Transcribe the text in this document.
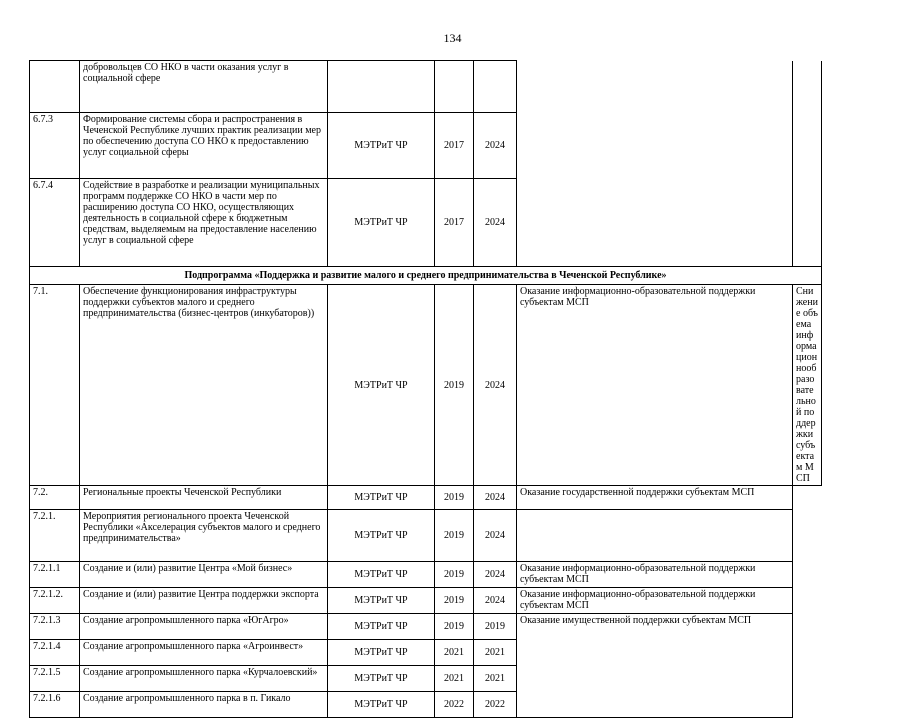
134
	добровольцев СО НКО в части оказания услуг в социальной сфере					
6.7.3	Формирование системы сбора и распространения в Чеченской Республике лучших практик реализации мер по обеспечению доступа СО НКО к предоставлению услуг социальной сферы	МЭТРиТ ЧР	2017	2024		
6.7.4	Содействие в разработке и реализации муниципальных программ поддержке СО НКО в части мер по расширению доступа СО НКО, осуществляющих деятельность в социальной сфере к бюджетным средствам, выделяемым на предоставление населению услуг в социальной сфере	МЭТРиТ ЧР	2017	2024		
Подпрограмма «Поддержка и развитие малого и среднего предпринимательства в Чеченской Республике»						
7.1.	Обеспечение функционирования инфраструктуры поддержки субъектов малого и среднего предпринимательства (бизнес-центров (инкубаторов))	МЭТРиТ ЧР	2019	2024	Оказание информационно-образовательной поддержки субъектам МСП	Снижение объема информационнообразовательной поддержки субъектам МСП
7.2.	Региональные проекты Чеченской Республики	МЭТРиТ ЧР	2019	2024	Оказание государственной поддержки субъектам МСП	
7.2.1.	Мероприятия регионального проекта Чеченской Республики «Акселерация субъектов малого и среднего предпринимательства»	МЭТРиТ ЧР	2019	2024		
7.2.1.1	Создание и (или) развитие Центра «Мой бизнес»	МЭТРиТ ЧР	2019	2024	Оказание информационно-образовательной поддержки субъектам МСП	
7.2.1.2.	Создание и (или) развитие Центра поддержки экспорта	МЭТРиТ ЧР	2019	2024	Оказание информационно-образовательной поддержки субъектам МСП	
7.2.1.3	Создание агропромышленного парка «ЮгАгро»	МЭТРиТ ЧР	2019	2019	Оказание имущественной поддержки субъектам МСП	
7.2.1.4	Создание агропромышленного парка «Агроинвест»	МЭТРиТ ЧР	2021	2021		
7.2.1.5	Создание агропромышленного парка «Курчалоевский»	МЭТРиТ ЧР	2021	2021		
7.2.1.6	Создание агропромышленного парка в п. Гикало	МЭТРиТ ЧР	2022	2022		
